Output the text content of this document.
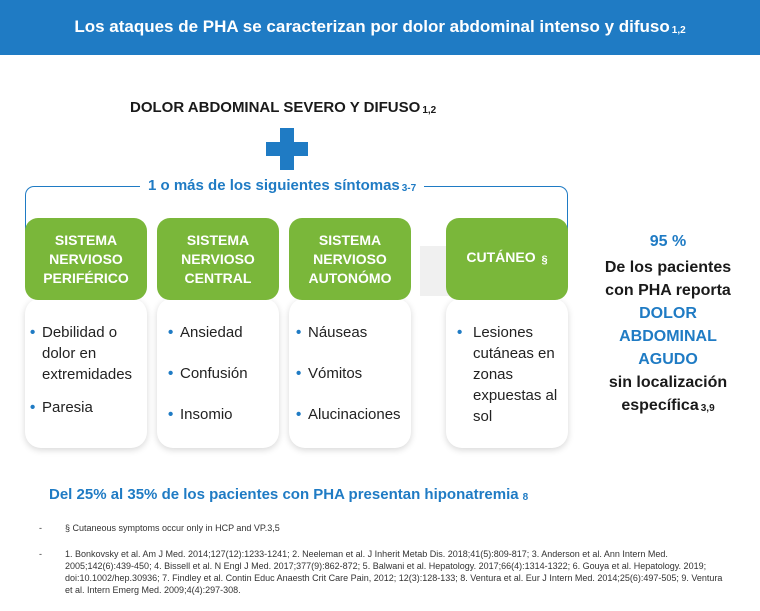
Los ataques de PHA se caracterizan por dolor abdominal intenso y difuso 1,2
DOLOR ABDOMINAL SEVERO Y DIFUSO 1,2
1 o más de los siguientes síntomas 3-7
SISTEMA
NERVIOSO
PERIFÉRICO
• Debilidad o dolor en extremidades
• Paresia
SISTEMA
NERVIOSO
CENTRAL
• Ansiedad
• Confusión
• Insomio
SISTEMA
NERVIOSO
AUTONÓMO
• Náuseas
• Vómitos
• Alucinaciones
CUTÁNEO §
• Lesiones cutáneas en zonas expuestas al sol
95 %
De los pacientes
con PHA reporta
DOLOR
ABDOMINAL
AGUDO
sin localización
específica 3,9
Del 25% al 35% de los pacientes con PHA presentan hiponatremia 8
-	§ Cutaneous symptoms occur only in HCP and VP.3,5
-	1. Bonkovsky et al. Am J Med. 2014;127(12):1233-1241; 2. Neeleman et al. J Inherit Metab Dis. 2018;41(5):809-817; 3. Anderson et al. Ann Intern Med. 2005;142(6):439-450; 4. Bissell et al. N Engl J Med. 2017;377(9):862-872; 5. Balwani et al. Hepatology. 2017;66(4):1314-1322; 6. Gouya et al. Hepatology. 2019; doi:10.1002/hep.30936; 7. Findley et al. Contin Educ Anaesth Crit Care Pain, 2012; 12(3):128-133; 8. Ventura et al. Eur J Intern Med. 2014;25(6):497-505; 9. Ventura et al. Intern Emerg Med. 2009;4(4):297-308.
